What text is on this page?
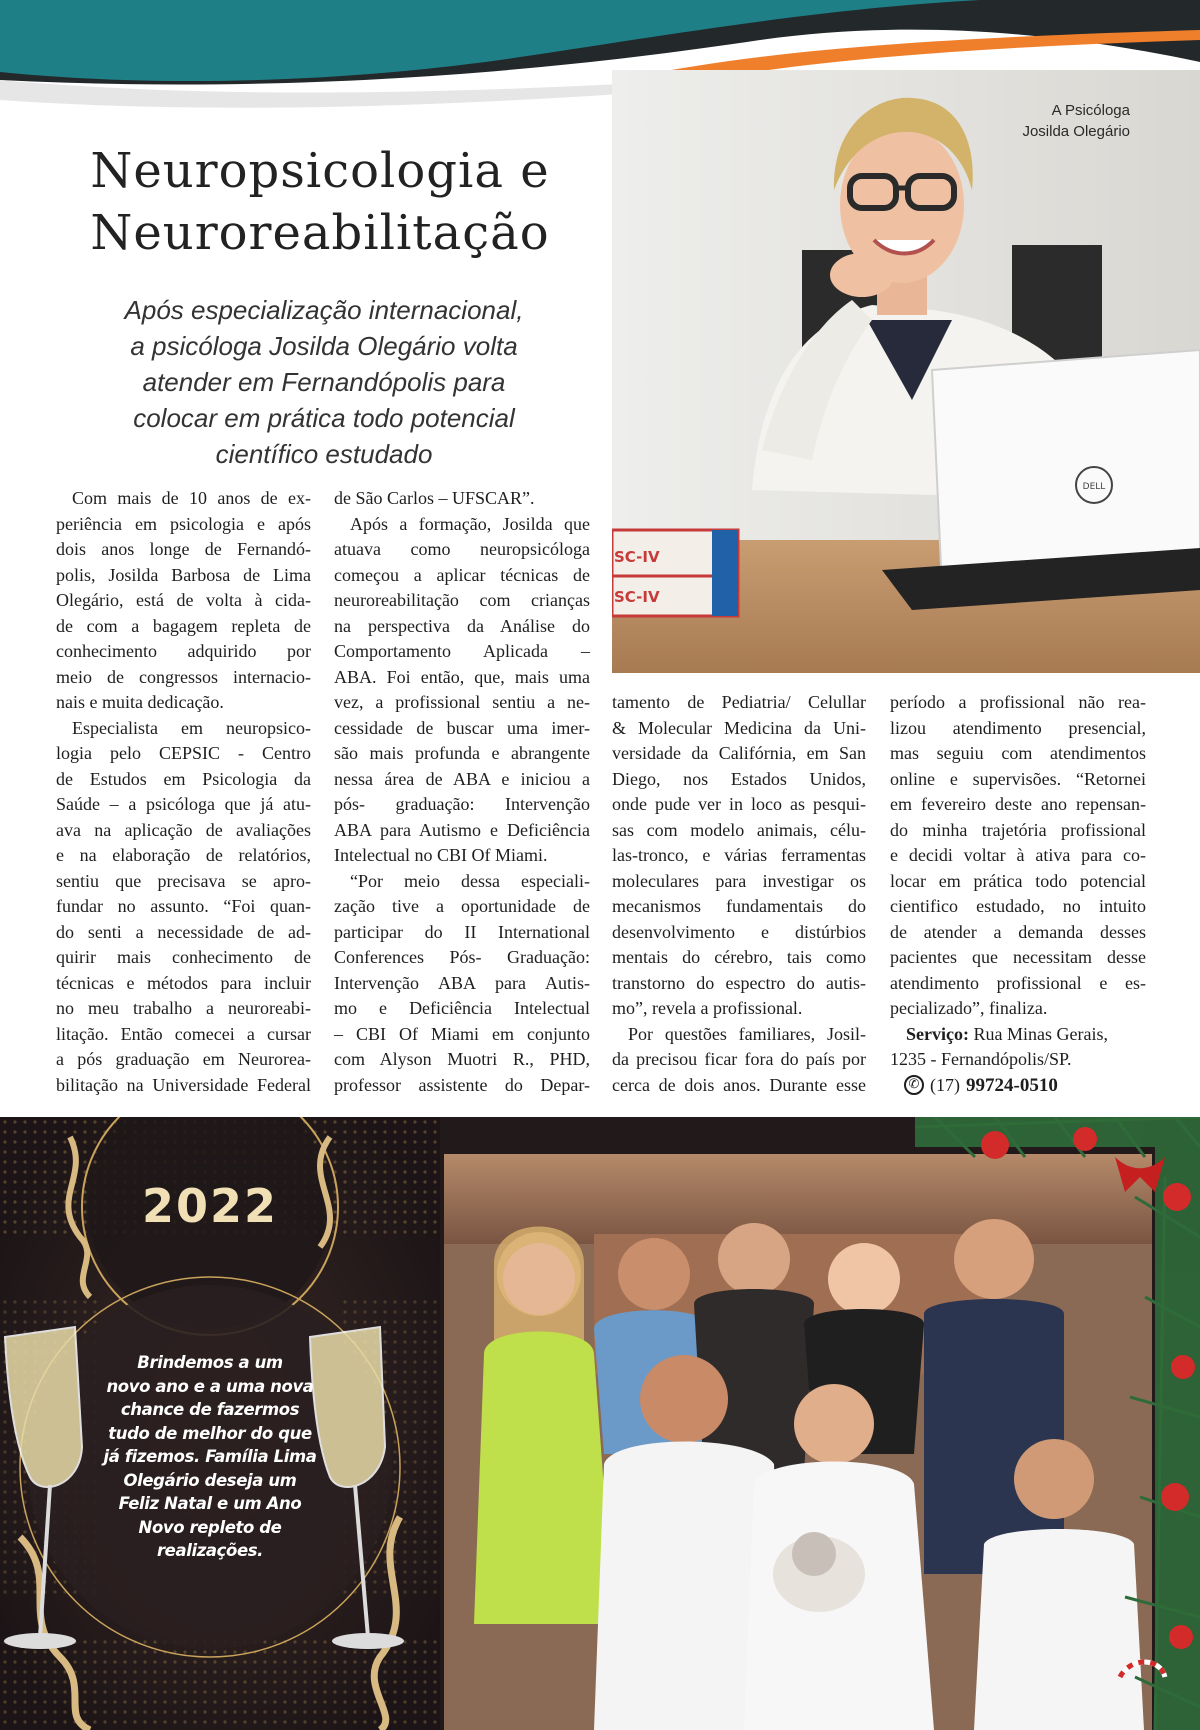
SC-IV
SC-IV
DELL
A Psicóloga
Josilda Olegário
Neuropsicologia e
Neuroreabilitação
Após especialização internacional,
a psicóloga Josilda Olegário volta
atender em Fernandópolis para
colocar em prática todo potencial
científico estudado
Com mais de 10 anos de ex-
periência em psicologia e após
dois anos longe de Fernandó-
polis, Josilda Barbosa de Lima
Olegário, está de volta à cida-
de com a bagagem repleta de
conhecimento adquirido por
meio de congressos internacio-
nais e muita dedicação.
Especialista em neuropsico-
logia pelo CEPSIC - Centro
de Estudos em Psicologia da
Saúde – a psicóloga que já atu-
ava na aplicação de avaliações
e na elaboração de relatórios,
sentiu que precisava se apro-
fundar no assunto. “Foi quan-
do senti a necessidade de ad-
quirir mais conhecimento de
técnicas e métodos para incluir
no meu trabalho a neuroreabi-
litação. Então comecei a cursar
a pós graduação em Neurorea-
bilitação na Universidade Federal
de São Carlos – UFSCAR”.
Após a formação, Josilda que
atuava como neuropsicóloga
começou a aplicar técnicas de
neuroreabilitação com crianças
na perspectiva da Análise do
Comportamento Aplicada –
ABA. Foi então, que, mais uma
vez, a profissional sentiu a ne-
cessidade de buscar uma imer-
são mais profunda e abrangente
nessa área de ABA e iniciou a
pós- graduação: Intervenção
ABA para Autismo e Deficiência
Intelectual no CBI Of Miami.
“Por meio dessa especiali-
zação tive a oportunidade de
participar do II International
Conferences Pós- Graduação:
Intervenção ABA para Autis-
mo e Deficiência Intelectual
– CBI Of Miami em conjunto
com Alyson Muotri R., PHD,
professor assistente do Depar-
tamento de Pediatria/ Celullar
& Molecular Medicina da Uni-
versidade da Califórnia, em San
Diego, nos Estados Unidos,
onde pude ver in loco as pesqui-
sas com modelo animais, célu-
las-tronco, e várias ferramentas
moleculares para investigar os
mecanismos fundamentais do
desenvolvimento e distúrbios
mentais do cérebro, tais como
transtorno do espectro do autis-
mo”, revela a profissional.
Por questões familiares, Josil-
da precisou ficar fora do país por
cerca de dois anos. Durante esse
período a profissional não rea-
lizou atendimento presencial,
mas seguiu com atendimentos
online e supervisões. “Retornei
em fevereiro deste ano repensan-
do minha trajetória profissional
e decidi voltar à ativa para co-
locar em prática todo potencial
cientifico estudado, no intuito
de atender a demanda desses
pacientes que necessitam desse
atendimento profissional e es-
pecializado”, finaliza.
Serviço: Rua Minas Gerais,
1235 - Fernandópolis/SP.
✆ (17) 99724-0510
2022
Brindemos a um
novo ano e a uma nova
chance de fazermos
tudo de melhor do que
já fizemos. Família Lima
Olegário deseja um
Feliz Natal e um Ano
Novo repleto de
realizações.
